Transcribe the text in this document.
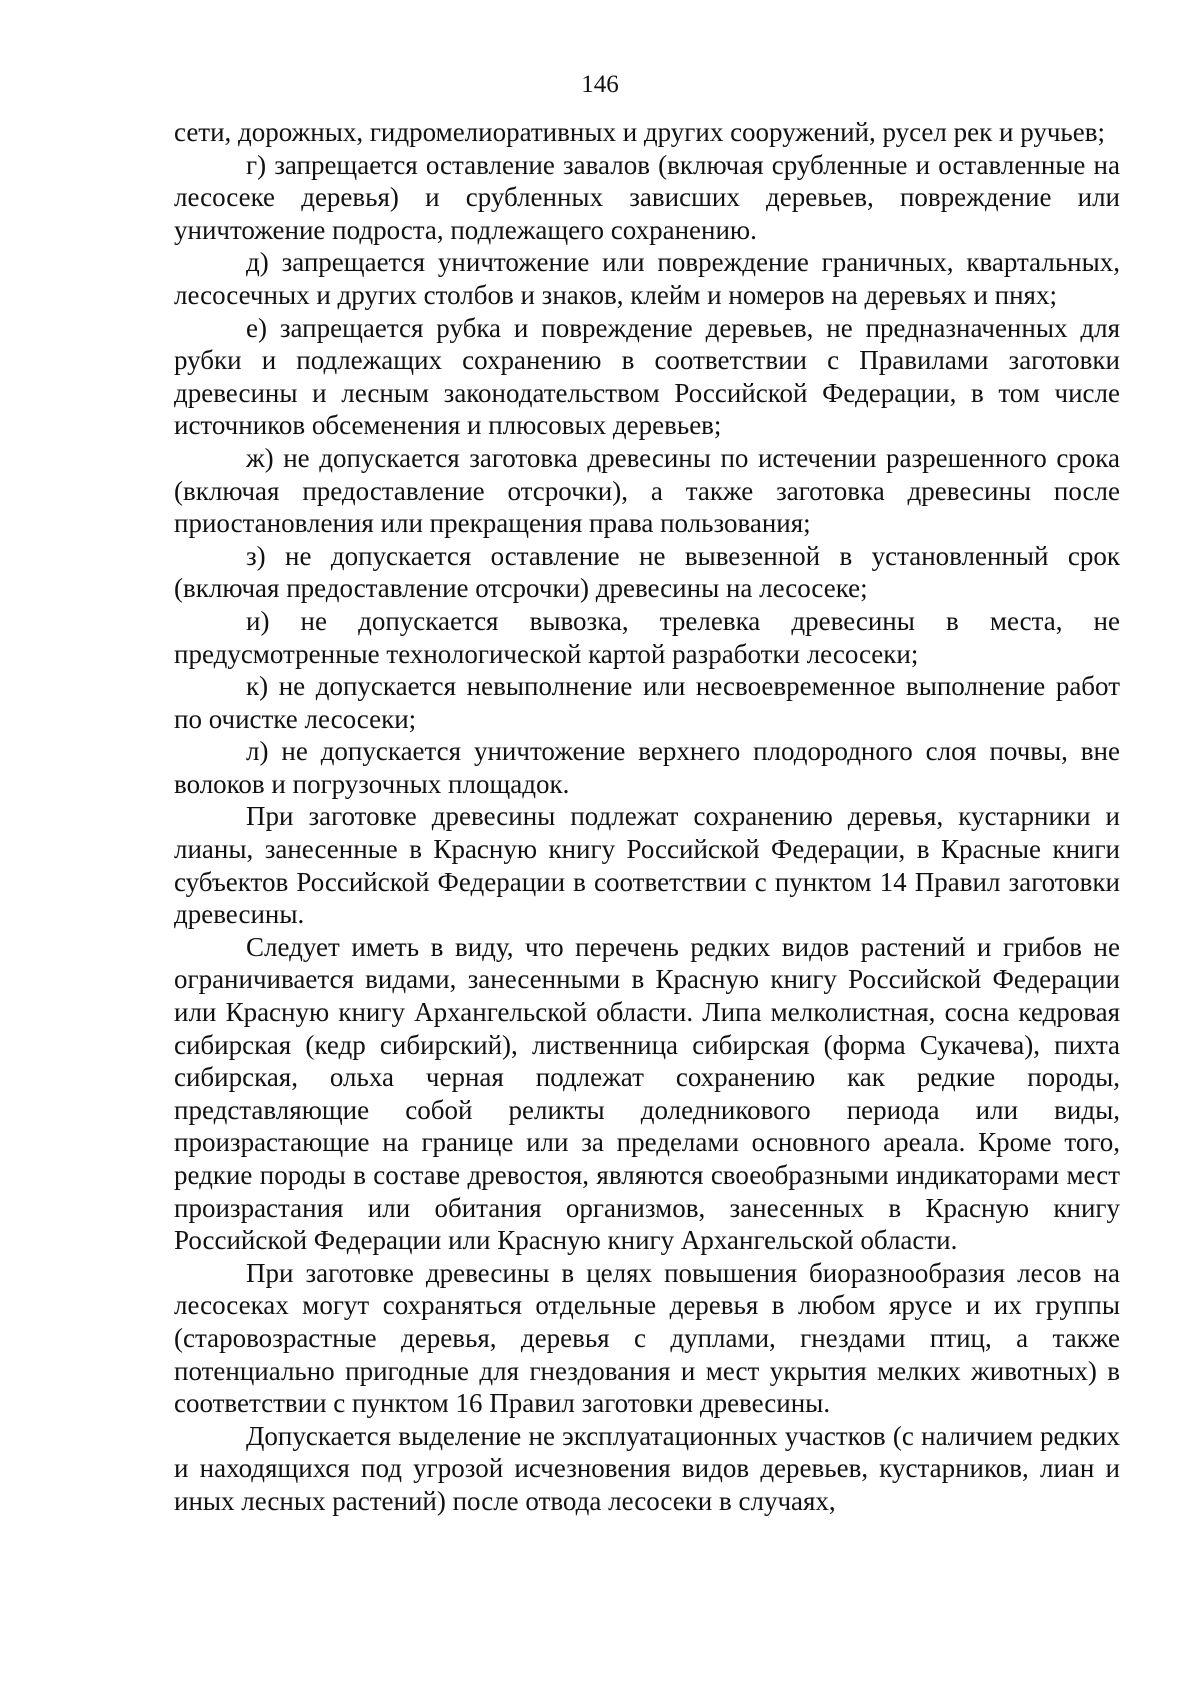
146

сети, дорожных, гидромелиоративных и других сооружений, русел рек и ручьев;

г) запрещается оставление завалов (включая срубленные и оставленные на лесосеке деревья) и срубленных зависших деревьев, повреждение или уничтожение подроста, подлежащего сохранению.

д) запрещается уничтожение или повреждение граничных, квартальных, лесосечных и других столбов и знаков, клейм и номеров на деревьях и пнях;

е) запрещается рубка и повреждение деревьев, не предназначенных для рубки и подлежащих сохранению в соответствии с Правилами заготовки древесины и лесным законодательством Российской Федерации, в том числе источников обсеменения и плюсовых деревьев;

ж) не допускается заготовка древесины по истечении разрешенного срока (включая предоставление отсрочки), а также заготовка древесины после приостановления или прекращения права пользования;

з) не допускается оставление не вывезенной в установленный срок (включая предоставление отсрочки) древесины на лесосеке;

и) не допускается вывозка, трелевка древесины в места, не предусмотренные технологической картой разработки лесосеки;

к) не допускается невыполнение или несвоевременное выполнение работ по очистке лесосеки;

л) не допускается уничтожение верхнего плодородного слоя почвы, вне волоков и погрузочных площадок.

При заготовке древесины подлежат сохранению деревья, кустарники и лианы, занесенные в Красную книгу Российской Федерации, в Красные книги субъектов Российской Федерации в соответствии с пунктом 14 Правил заготовки древесины.

Следует иметь в виду, что перечень редких видов растений и грибов не ограничивается видами, занесенными в Красную книгу Российской Федерации или Красную книгу Архангельской области. Липа мелколистная, сосна кедровая сибирская (кедр сибирский), лиственница сибирская (форма Сукачева), пихта сибирская, ольха черная подлежат сохранению как редкие породы, представляющие собой реликты доледникового периода или виды, произрастающие на границе или за пределами основного ареала. Кроме того, редкие породы в составе древостоя, являются своеобразными индикаторами мест произрастания или обитания организмов, занесенных в Красную книгу Российской Федерации или Красную книгу Архангельской области.

При заготовке древесины в целях повышения биоразнообразия лесов на лесосеках могут сохраняться отдельные деревья в любом ярусе и их группы (старовозрастные деревья, деревья с дуплами, гнездами птиц, а также потенциально пригодные для гнездования и мест укрытия мелких животных) в соответствии с пунктом 16 Правил заготовки древесины.

Допускается выделение не эксплуатационных участков (с наличием редких и находящихся под угрозой исчезновения видов деревьев, кустарников, лиан и иных лесных растений) после отвода лесосеки в случаях,
